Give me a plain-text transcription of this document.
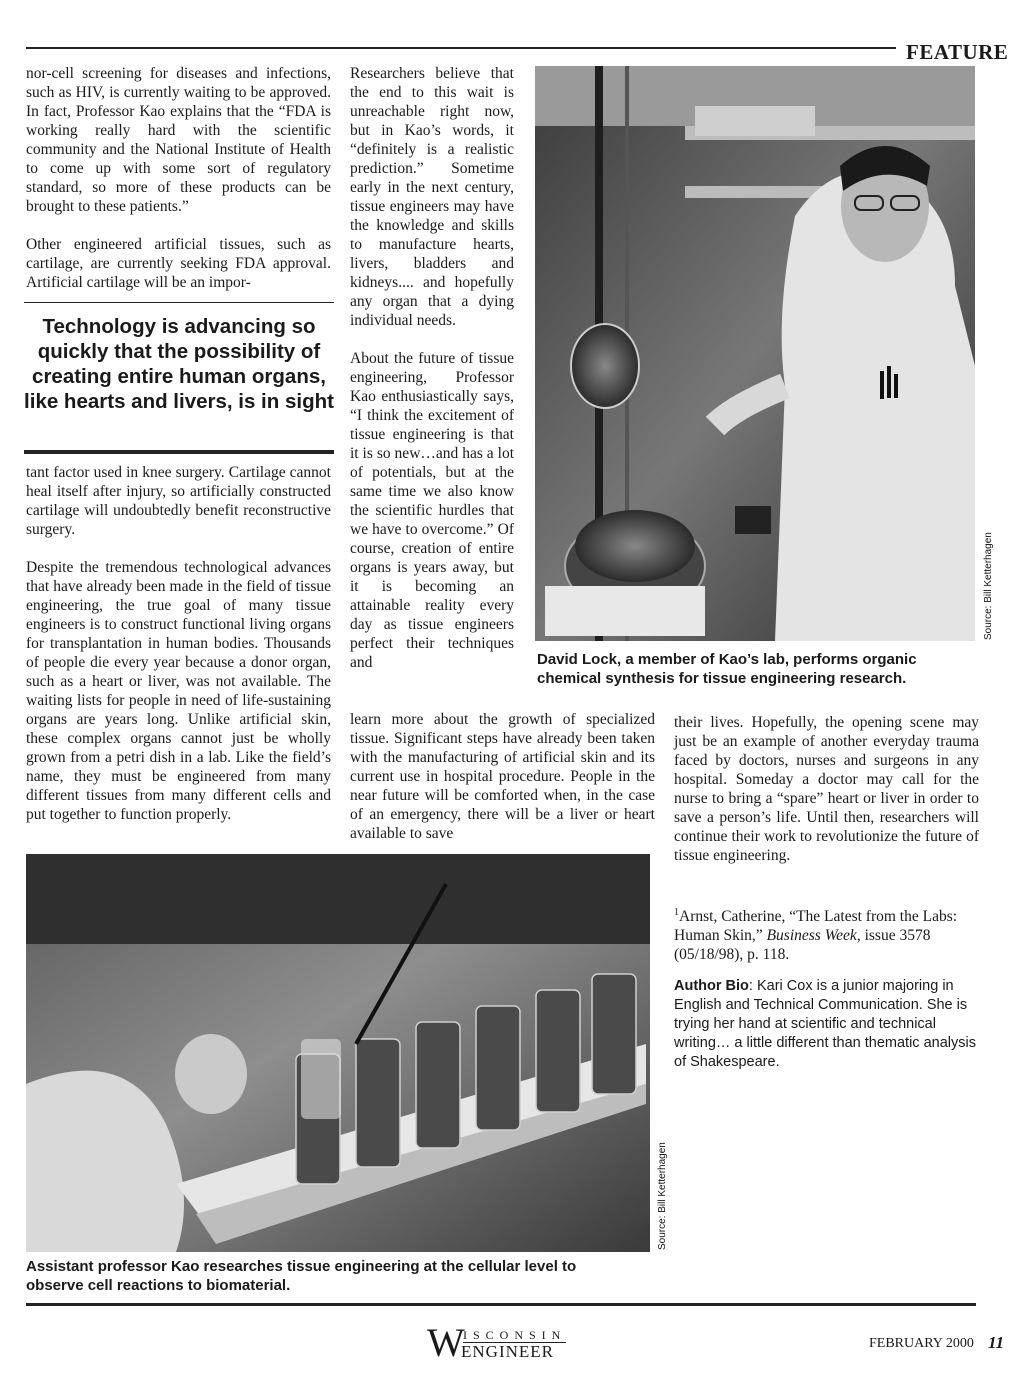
FEATURE

nor-cell screening for diseases and infections, such as HIV, is currently waiting to be approved. In fact, Professor Kao explains that the “FDA is working really hard with the scientific community and the National Institute of Health to come up with some sort of regulatory standard, so more of these products can be brought to these patients.”

Other engineered artificial tissues, such as cartilage, are currently seeking FDA approval. Artificial cartilage will be an impor-

Technology is advancing so quickly that the possibility of creating entire human organs, like hearts and livers, is in sight

tant factor used in knee surgery. Cartilage cannot heal itself after injury, so artificially constructed cartilage will undoubtedly benefit reconstructive surgery.

Despite the tremendous technological advances that have already been made in the field of tissue engineering, the true goal of many tissue engineers is to construct functional living organs for transplantation in human bodies. Thousands of people die every year because a donor organ, such as a heart or liver, was not available. The waiting lists for people in need of life-sustaining organs are years long. Unlike artificial skin, these complex organs cannot just be wholly grown from a petri dish in a lab. Like the field’s name, they must be engineered from many different tissues from many different cells and put together to function properly.

Researchers believe that the end to this wait is unreachable right now, but in Kao’s words, it “definitely is a realistic prediction.” Sometime early in the next century, tissue engineers may have the knowledge and skills to manufacture hearts, livers, bladders and kidneys.... and hopefully any organ that a dying individual needs.

About the future of tissue engineering, Professor Kao enthusiastically says, “I think the excitement of tissue engineering is that it is so new…and has a lot of potentials, but at the same time we also know the scientific hurdles that we have to overcome.” Of course, creation of entire organs is years away, but it is becoming an attainable reality every day as tissue engineers perfect their techniques and

learn more about the growth of specialized tissue. Significant steps have already been taken with the manufacturing of artificial skin and its current use in hospital procedure. People in the near future will be comforted when, in the case of an emergency, there will be a liver or heart available to save

Source: Bill Ketterhagen
David Lock, a member of Kao’s lab, performs organic chemical synthesis for tissue engineering research.

their lives. Hopefully, the opening scene may just be an example of another everyday trauma faced by doctors, nurses and surgeons in any hospital. Someday a doctor may call for the nurse to bring a “spare” heart or liver in order to save a person’s life. Until then, researchers will continue their work to revolutionize the future of tissue engineering.

$^1$Arnst, Catherine, “The Latest from the Labs: Human Skin,” Business Week, issue 3578 (05/18/98), p. 118.
Author Bio: Kari Cox is a junior majoring in English and Technical Communication. She is trying her hand at scientific and technical writing… a little different than thematic analysis of Shakespeare.
Source: Bill Ketterhagen
Assistant professor Kao researches tissue engineering at the cellular level to observe cell reactions to biomaterial.
W
ISCONSIN
ENGINEER	FEBRUARY 2000 11
